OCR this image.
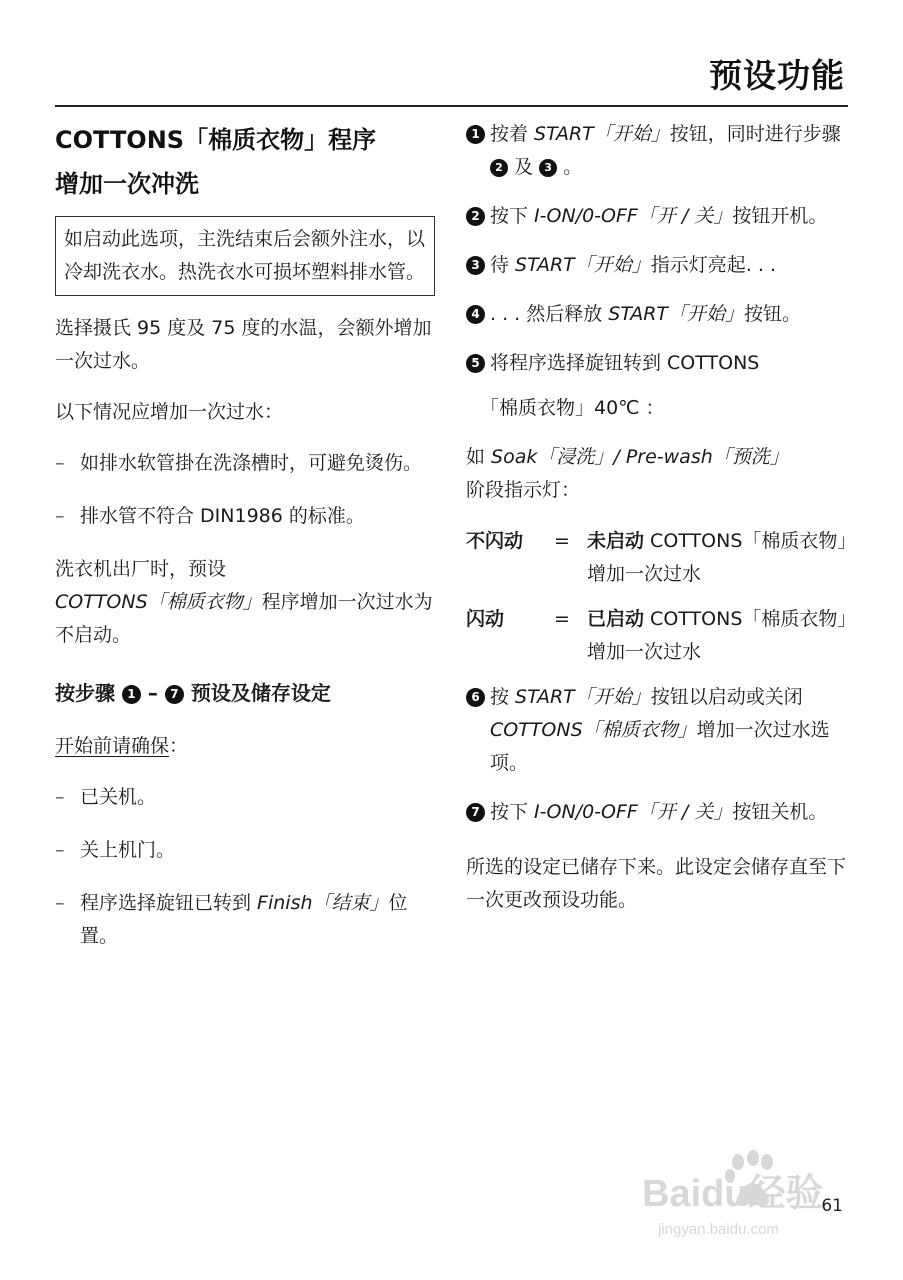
预设功能
COTTONS「棉质衣物」程序
增加一次冲洗
如启动此选项，主洗结束后会额外注水，以冷却洗衣水。热洗衣水可损坏塑料排水管。

选择摄氏 95 度及 75 度的水温，会额外增加一次过水。

以下情况应增加一次过水：

– 如排水软管掛在洗涤槽时，可避免烫伤。
– 排水管不符合 DIN1986 的标准。

洗衣机出厂时，预设 COTTONS「棉质衣物」程序增加一次过水为不启动。

按步骤 1 – 7 预设及储存设定

开始前请确保：

– 已关机。
– 关上机门。
– 程序选择旋钮已转到 Finish「结束」位置。
1 按着 START「开始」按钮，同时进行步骤 2 及 3 。
2 按下 I-ON/0-OFF「开 / 关」按钮开机。
3 待 START「开始」指示灯亮起. . .
4 . . . 然后释放 START「开始」按钮。
5 将程序选择旋钮转到 COTTONS
「棉质衣物」40℃ ：

如 Soak「浸洗」/ Pre-wash「预洗」
阶段指示灯：

不闪动 = 未启动 COTTONS「棉质衣物」增加一次过水
闪动	= 已启动 COTTONS「棉质衣物」增加一次过水
6 按 START「开始」按钮以启动或关闭 COTTONS「棉质衣物」增加一次过水选项。
7 按下 I-ON/0-OFF「开 / 关」按钮关机。

所选的设定已储存下来。此设定会储存直至下一次更改预设功能。

Baidu经验
jingyan.baidu.com
61
